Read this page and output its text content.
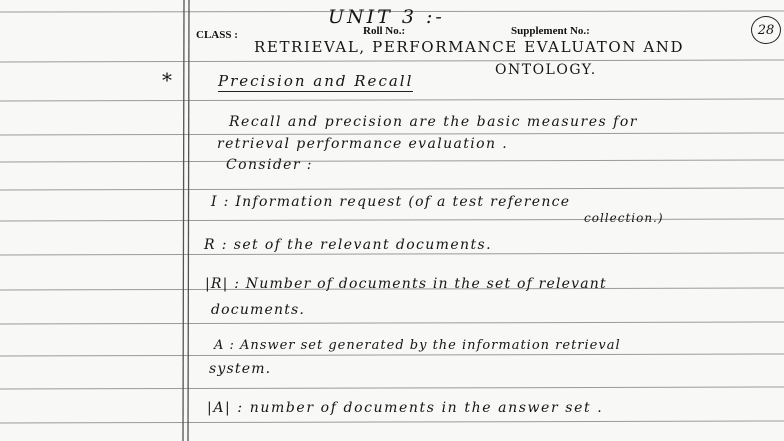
UNIT 3 :-
CLASS :	Roll No.:	Supplement No.:	28
RETRIEVAL, PERFORMANCE EVALUATON AND
ONTOLOGY.
*	Precision and Recall
Recall and precision are the basic measures for
retrieval performance evaluation .
Consider :
I : Information request (of a test reference
collection.)
R : set of the relevant documents.
|R| : Number of documents in the set of relevant
documents.
A : Answer set generated by the information retrieval
system.
|A| : number of documents in the answer set .
